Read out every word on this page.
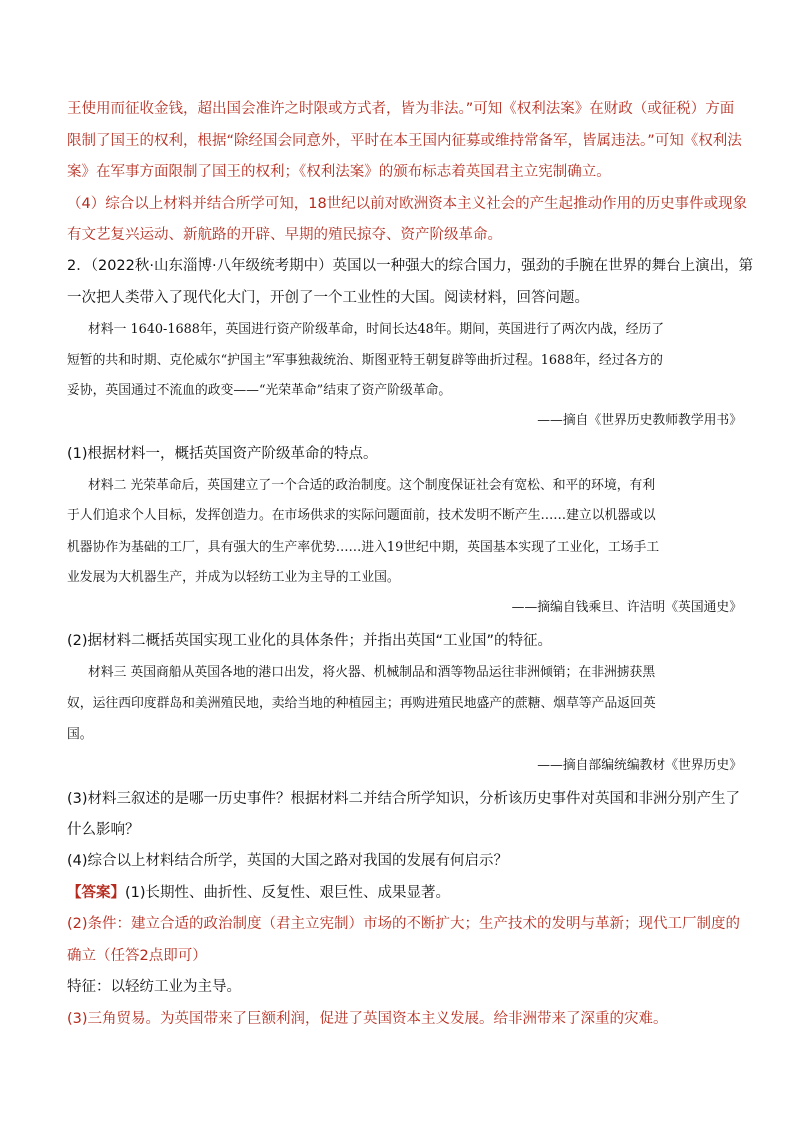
王使用而征收金钱，超出国会准许之时限或方式者，皆为非法。”可知《权利法案》在财政（或征税）方面
限制了国王的权利，根据“除经国会同意外，平时在本王国内征募或维持常备军，皆属违法。”可知《权利法
案》在军事方面限制了国王的权利；《权利法案》的颁布标志着英国君主立宪制确立。
（4）综合以上材料并结合所学可知，18世纪以前对欧洲资本主义社会的产生起推动作用的历史事件或现象
有文艺复兴运动、新航路的开辟、早期的殖民掠夺、资产阶级革命。
2．（2022秋·山东淄博·八年级统考期中）英国以一种强大的综合国力，强劲的手腕在世界的舞台上演出，第
一次把人类带入了现代化大门，开创了一个工业性的大国。阅读材料，回答问题。
材料一 1640-1688年，英国进行资产阶级革命，时间长达48年。期间，英国进行了两次内战，经历了
短暂的共和时期、克伦威尔“护国主”军事独裁统治、斯图亚特王朝复辟等曲折过程。1688年，经过各方的
妥协，英国通过不流血的政变——“光荣革命”结束了资产阶级革命。
——摘自《世界历史教师教学用书》
(1)根据材料一，概括英国资产阶级革命的特点。
材料二 光荣革命后，英国建立了一个合适的政治制度。这个制度保证社会有宽松、和平的环境，有利
于人们追求个人目标，发挥创造力。在市场供求的实际问题面前，技术发明不断产生……建立以机器或以
机器协作为基础的工厂，具有强大的生产率优势……进入19世纪中期，英国基本实现了工业化，工场手工
业发展为大机器生产，并成为以轻纺工业为主导的工业国。
——摘编自钱乘旦、许洁明《英国通史》
(2)据材料二概括英国实现工业化的具体条件；并指出英国“工业国”的特征。
材料三 英国商船从英国各地的港口出发，将火器、机械制品和酒等物品运往非洲倾销；在非洲掳获黑
奴，运往西印度群岛和美洲殖民地，卖给当地的种植园主；再购进殖民地盛产的蔗糖、烟草等产品返回英
国。
——摘自部编统编教材《世界历史》
(3)材料三叙述的是哪一历史事件？根据材料二并结合所学知识，分析该历史事件对英国和非洲分别产生了
什么影响？
(4)综合以上材料结合所学，英国的大国之路对我国的发展有何启示？
【答案】(1)长期性、曲折性、反复性、艰巨性、成果显著。
(2)条件：建立合适的政治制度（君主立宪制）市场的不断扩大；生产技术的发明与革新；现代工厂制度的
确立（任答2点即可）
特征：以轻纺工业为主导。
(3)三角贸易。为英国带来了巨额利润，促进了英国资本主义发展。给非洲带来了深重的灾难。
